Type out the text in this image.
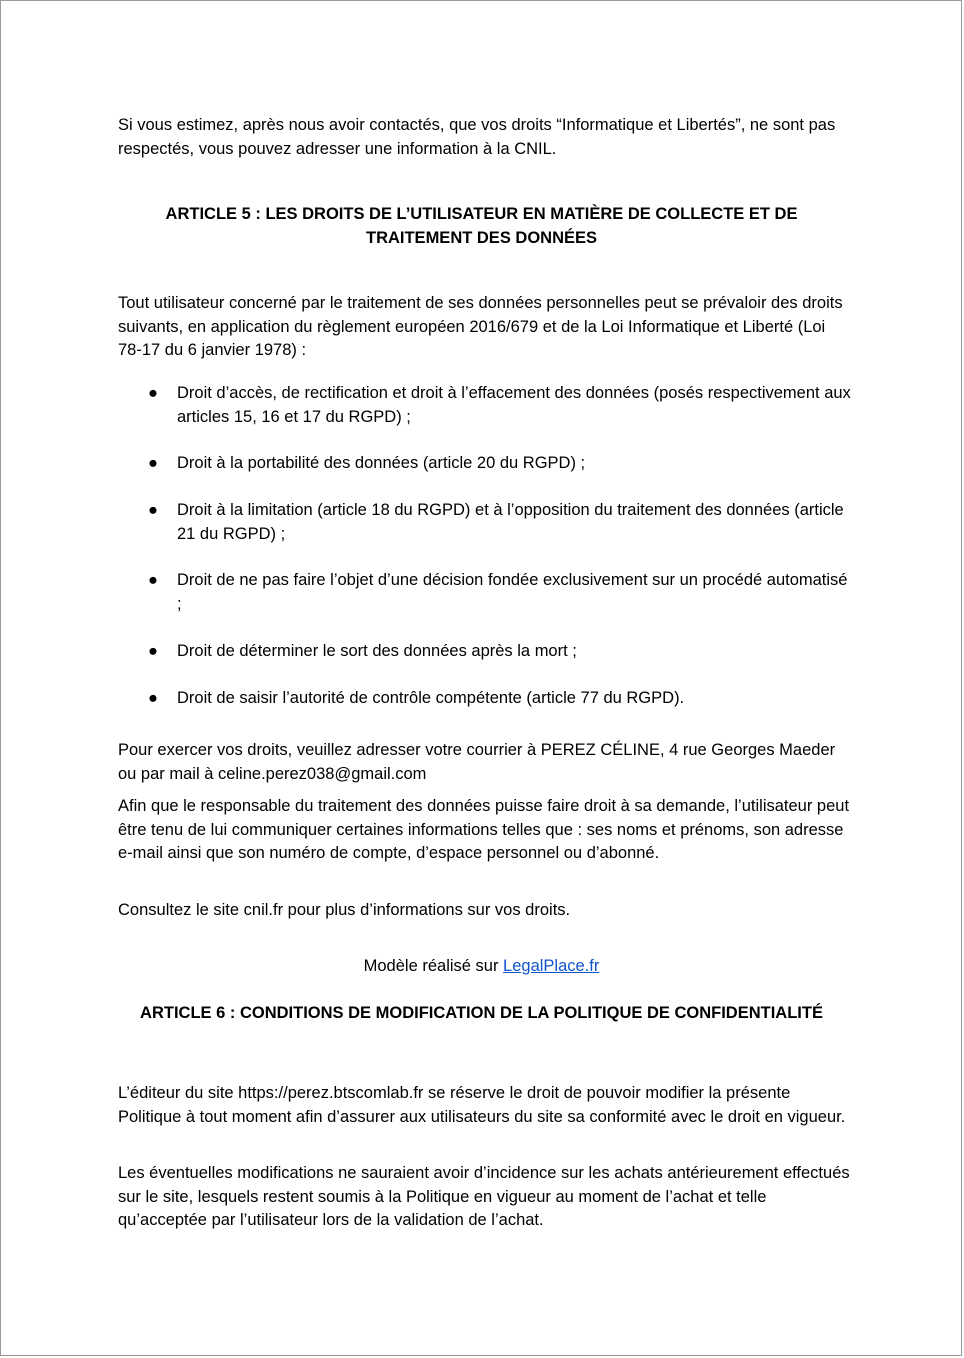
Si vous estimez, après nous avoir contactés, que vos droits “Informatique et Libertés”, ne sont pas respectés, vous pouvez adresser une information à la CNIL.

ARTICLE 5 : LES DROITS DE L’UTILISATEUR EN MATIÈRE DE COLLECTE ET DE TRAITEMENT DES DONNÉES

Tout utilisateur concerné par le traitement de ses données personnelles peut se prévaloir des droits suivants, en application du règlement européen 2016/679 et de la Loi Informatique et Liberté (Loi 78-17 du 6 janvier 1978) :

● Droit d’accès, de rectification et droit à l’effacement des données (posés respectivement aux articles 15, 16 et 17 du RGPD) ;

● Droit à la portabilité des données (article 20 du RGPD) ;

● Droit à la limitation (article 18 du RGPD) et à l’opposition du traitement des données (article 21 du RGPD) ;

● Droit de ne pas faire l’objet d’une décision fondée exclusivement sur un procédé automatisé ;

● Droit de déterminer le sort des données après la mort ;

● Droit de saisir l’autorité de contrôle compétente (article 77 du RGPD).

Pour exercer vos droits, veuillez adresser votre courrier à PEREZ CÉLINE, 4 rue Georges Maeder ou par mail à celine.perez038@gmail.com

Afin que le responsable du traitement des données puisse faire droit à sa demande, l’utilisateur peut être tenu de lui communiquer certaines informations telles que : ses noms et prénoms, son adresse e-mail ainsi que son numéro de compte, d’espace personnel ou d’abonné.

Consultez le site cnil.fr pour plus d’informations sur vos droits.

Modèle réalisé sur LegalPlace.fr

ARTICLE 6 : CONDITIONS DE MODIFICATION DE LA POLITIQUE DE CONFIDENTIALITÉ

L’éditeur du site https://perez.btscomlab.fr se réserve le droit de pouvoir modifier la présente Politique à tout moment afin d’assurer aux utilisateurs du site sa conformité avec le droit en vigueur.

Les éventuelles modifications ne sauraient avoir d’incidence sur les achats antérieurement effectués sur le site, lesquels restent soumis à la Politique en vigueur au moment de l’achat et telle qu’acceptée par l’utilisateur lors de la validation de l’achat.
